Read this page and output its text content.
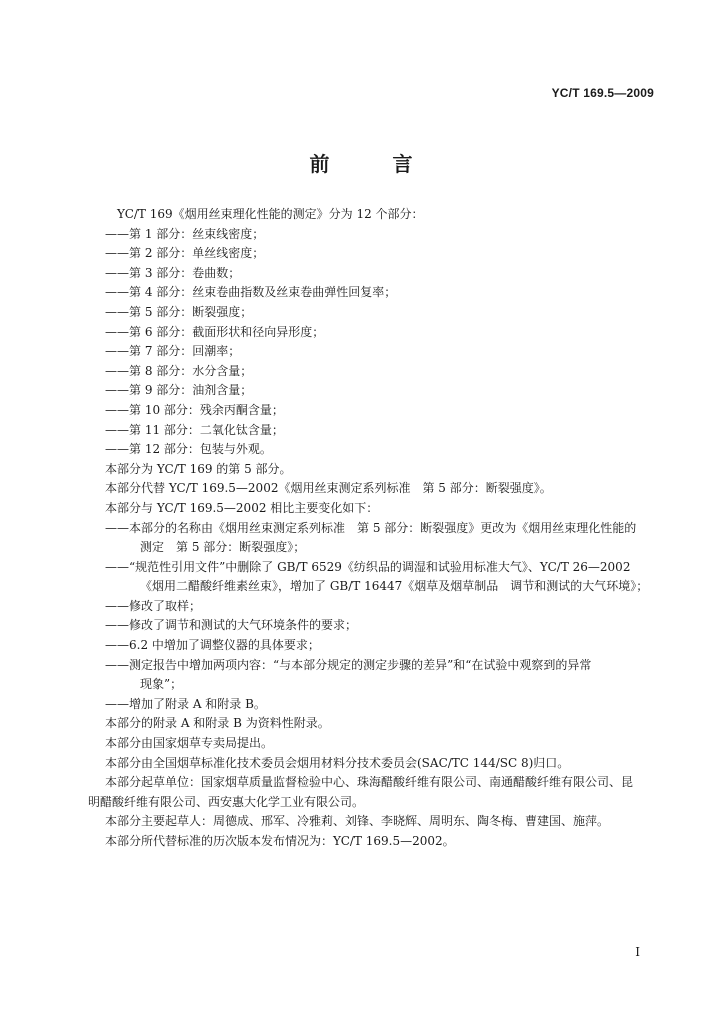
YC/T 169.5—2009
前 言
YC/T 169《烟用丝束理化性能的测定》分为 12 个部分：
——第 1 部分：丝束线密度；
——第 2 部分：单丝线密度；
——第 3 部分：卷曲数；
——第 4 部分：丝束卷曲指数及丝束卷曲弹性回复率；
——第 5 部分：断裂强度；
——第 6 部分：截面形状和径向异形度；
——第 7 部分：回潮率；
——第 8 部分：水分含量；
——第 9 部分：油剂含量；
——第 10 部分：残余丙酮含量；
——第 11 部分：二氧化钛含量；
——第 12 部分：包装与外观。
本部分为 YC/T 169 的第 5 部分。
本部分代替 YC/T 169.5—2002《烟用丝束测定系列标准　第 5 部分：断裂强度》。
本部分与 YC/T 169.5—2002 相比主要变化如下：
——本部分的名称由《烟用丝束测定系列标准　第 5 部分：断裂强度》更改为《烟用丝束理化性能的
测定　第 5 部分：断裂强度》；
——“规范性引用文件”中删除了 GB/T 6529《纺织品的调湿和试验用标准大气》、YC/T 26—2002
《烟用二醋酸纤维素丝束》，增加了 GB/T 16447《烟草及烟草制品　调节和测试的大气环境》；
——修改了取样；
——修改了调节和测试的大气环境条件的要求；
——6.2 中增加了调整仪器的具体要求；
——测定报告中增加两项内容：“与本部分规定的测定步骤的差异”和“在试验中观察到的异常
现象”；
——增加了附录 A 和附录 B。
本部分的附录 A 和附录 B 为资料性附录。
本部分由国家烟草专卖局提出。
本部分由全国烟草标准化技术委员会烟用材料分技术委员会(SAC/TC 144/SC 8)归口。
本部分起草单位：国家烟草质量监督检验中心、珠海醋酸纤维有限公司、南通醋酸纤维有限公司、昆
明醋酸纤维有限公司、西安惠大化学工业有限公司。
本部分主要起草人：周德成、邢军、冷雅莉、刘锋、李晓辉、周明东、陶冬梅、曹建国、施萍。
本部分所代替标准的历次版本发布情况为：YC/T 169.5—2002。
I
